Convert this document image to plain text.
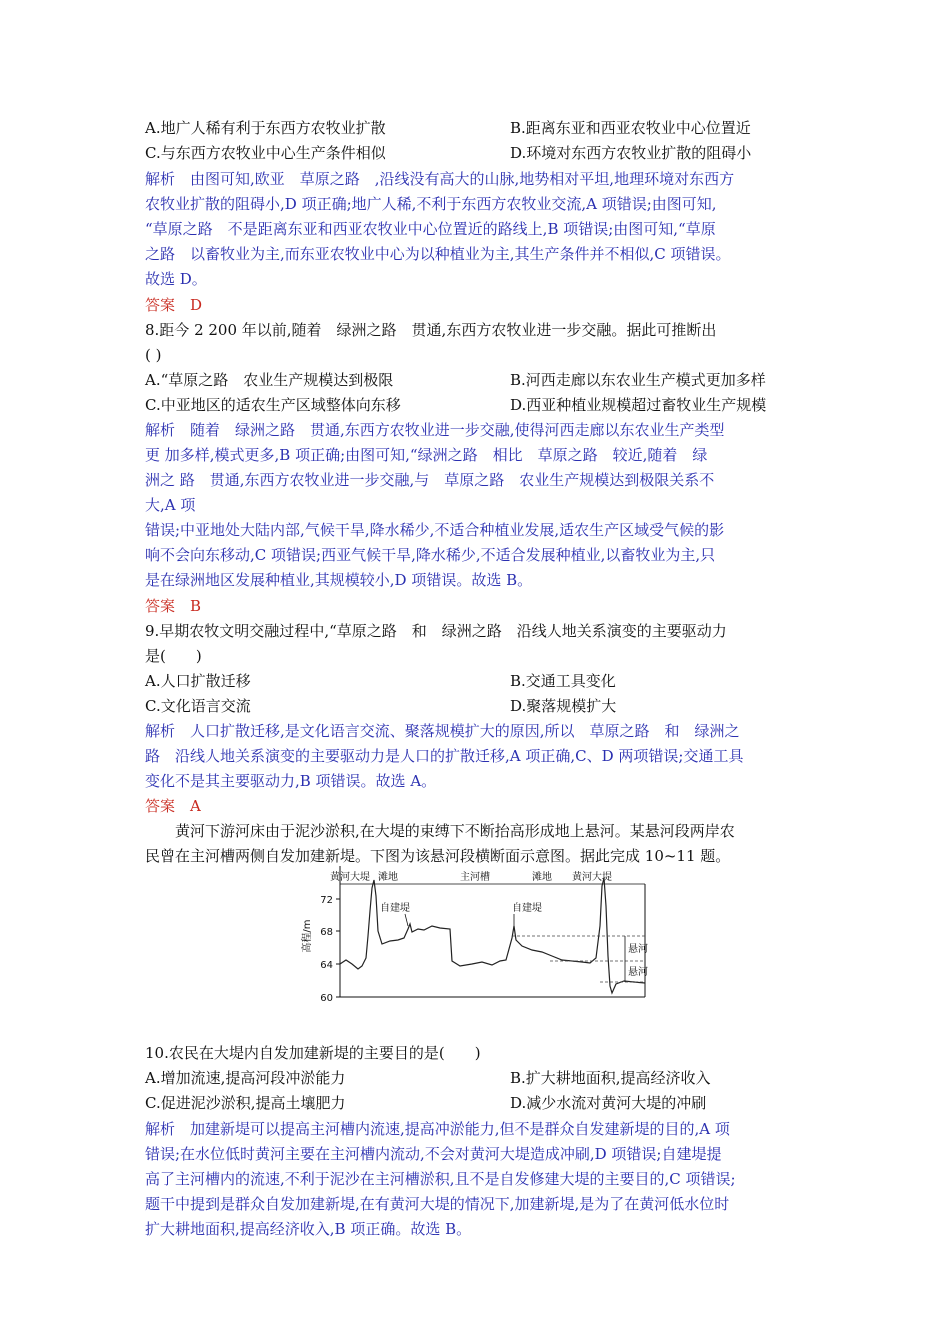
A.地广人稀有利于东西方农牧业扩散	B.距离东亚和西亚农牧业中心位置近
C.与东西方农牧业中心生产条件相似	D.环境对东西方农牧业扩散的阻碍小
解析　由图可知,欧亚　草原之路　,沿线没有高大的山脉,地势相对平坦,地理环境对东西方
农牧业扩散的阻碍小,D 项正确;地广人稀,不利于东西方农牧业交流,A 项错误;由图可知,
“草原之路　不是距离东亚和西亚农牧业中心位置近的路线上,B 项错误;由图可知,“草原
之路　以畜牧业为主,而东亚农牧业中心为以种植业为主,其生产条件并不相似,C 项错误。
故选 D。
答案　D
8.距今 2 200 年以前,随着　绿洲之路　贯通,东西方农牧业进一步交融。据此可推断出
( )
A.“草原之路　农业生产规模达到极限	B.河西走廊以东农业生产模式更加多样
C.中亚地区的适农生产区域整体向东移	D.西亚种植业规模超过畜牧业生产规模
解析　随着　绿洲之路　贯通,东西方农牧业进一步交融,使得河西走廊以东农业生产类型
更 加多样,模式更多,B 项正确;由图可知,“绿洲之路　相比　草原之路　较近,随着　绿
洲之 路　贯通,东西方农牧业进一步交融,与　草原之路　农业生产规模达到极限关系不
大,A 项
错误;中亚地处大陆内部,气候干旱,降水稀少,不适合种植业发展,适农生产区域受气候的影
响不会向东移动,C 项错误;西亚气候干旱,降水稀少,不适合发展种植业,以畜牧业为主,只
是在绿洲地区发展种植业,其规模较小,D 项错误。故选 B。
答案　B
9.早期农牧文明交融过程中,“草原之路　和　绿洲之路　沿线人地关系演变的主要驱动力
是(　　)
A.人口扩散迁移	B.交通工具变化
C.文化语言交流	D.聚落规模扩大
解析　人口扩散迁移,是文化语言交流、聚落规模扩大的原因,所以　草原之路　和　绿洲之
路　沿线人地关系演变的主要驱动力是人口的扩散迁移,A 项正确,C、D 两项错误;交通工具
变化不是其主要驱动力,B 项错误。故选 A。
答案　A
黄河下游河床由于泥沙淤积,在大堤的束缚下不断抬高形成地上悬河。某悬河段两岸农
民曾在主河槽两侧自发加建新堤。下图为该悬河段横断面示意图。据此完成 10~11 题。
72
68
64
60
高程/m
滩地	主河槽	滩地
悬河
悬河
黄河大堤	黄河大堤
自建堤	自建堤
10.农民在大堤内自发加建新堤的主要目的是(　　)
A.增加流速,提高河段冲淤能力	B.扩大耕地面积,提高经济收入
C.促进泥沙淤积,提高土壤肥力	D.减少水流对黄河大堤的冲刷
解析　加建新堤可以提高主河槽内流速,提高冲淤能力,但不是群众自发建新堤的目的,A 项
错误;在水位低时黄河主要在主河槽内流动,不会对黄河大堤造成冲刷,D 项错误;自建堤提
高了主河槽内的流速,不利于泥沙在主河槽淤积,且不是自发修建大堤的主要目的,C 项错误;
题干中提到是群众自发加建新堤,在有黄河大堤的情况下,加建新堤,是为了在黄河低水位时
扩大耕地面积,提高经济收入,B 项正确。故选 B。
